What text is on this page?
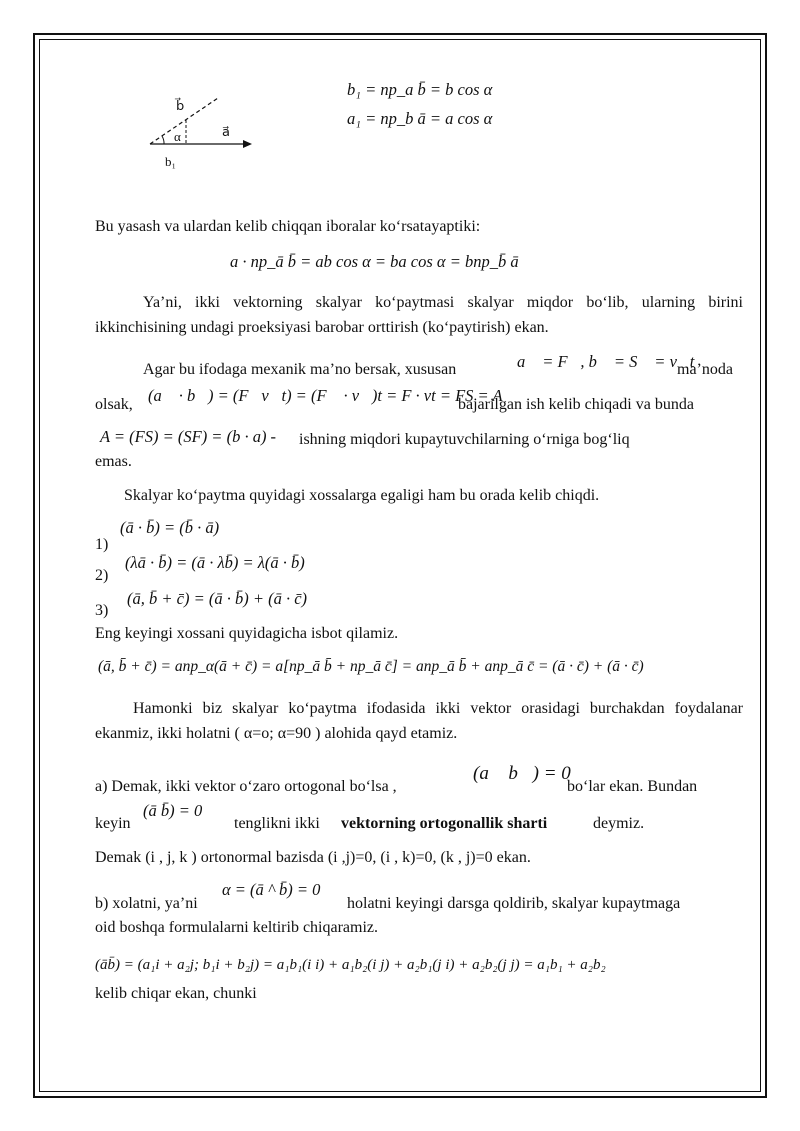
b⃗
α	a⃗
b₁
b₁ = np_a b̄ = b cos α
a₁ = np_b ā = a cos α
Bu yasash va ulardan kelib chiqqan iboralar ko‘rsatayaptiki:
a · np_ā b̄ = ab cos α = ba cos α = bnp_b̄ ā
Ya’ni, ikki vektorning skalyar ko‘paytmasi skalyar miqdor bo‘lib, ularning birini ikkinchisining undagi proeksiyasi barobar orttirish (ko‘paytirish) ekan.
Agar bu ifodaga mexanik ma’no bersak, xususan	a⃗ = F⃗, b⃗ = S⃗ = v⃗t
ma’noda
olsak, (a⃗ · b⃗) = (F⃗v⃗t) = (F⃗ · v⃗)t = F · vt = FS = A
bajarilgan ish kelib chiqadi va bunda
A = (FS) = (SF) = (b · a) - ishning miqdori kupaytuvchilarning o‘rniga bog‘liq
emas.
Skalyar ko‘paytma quyidagi xossalarga egaligi ham bu orada kelib chiqdi.
1)
(ā · b̄) = (b̄ · ā)
2)
(λā · b̄) = (ā · λb̄) = λ(ā · b̄)
3)
(ā, b̄ + c̄) = (ā · b̄) + (ā · c̄)
Eng keyingi xossani quyidagicha isbot qilamiz.
(ā, b̄ + c̄) = anp_α(ā + c̄) = a[np_ā b̄ + np_ā c̄] = anp_ā b̄ + anp_ā c̄ = (ā · c̄) + (ā · c̄)
Hamonki biz skalyar ko‘paytma ifodasida ikki vektor orasidagi burchakdan foydalanar ekanmiz, ikki holatni ( α=o; α=90 ) alohida qayd etamiz.
a) Demak, ikki vektor o‘zaro ortogonal bo‘lsa ,
(a⃗ b⃗) = 0
bo‘lar ekan. Bundan
keyin
(ā b̄) = 0
tenglikni ikki vektorning ortogonallik sharti	deymiz.
Demak (i , j, k ) ortonormal bazisda (i ,j)=0, (i , k)=0, (k , j)=0 ekan.
b) xolatni, ya’ni
α = (ā ^ b̄) = 0
holatni keyingi darsga qoldirib, skalyar kupaytmaga
oid boshqa formulalarni keltirib chiqaramiz.
(āb̄) = (a₁i + a₂j; b₁i + b₂j) = a₁b₁(i i) + a₁b₂(i j) + a₂b₁(j i) + a₂b₂(j j) = a₁b₁ + a₂b₂
kelib chiqar ekan, chunki
